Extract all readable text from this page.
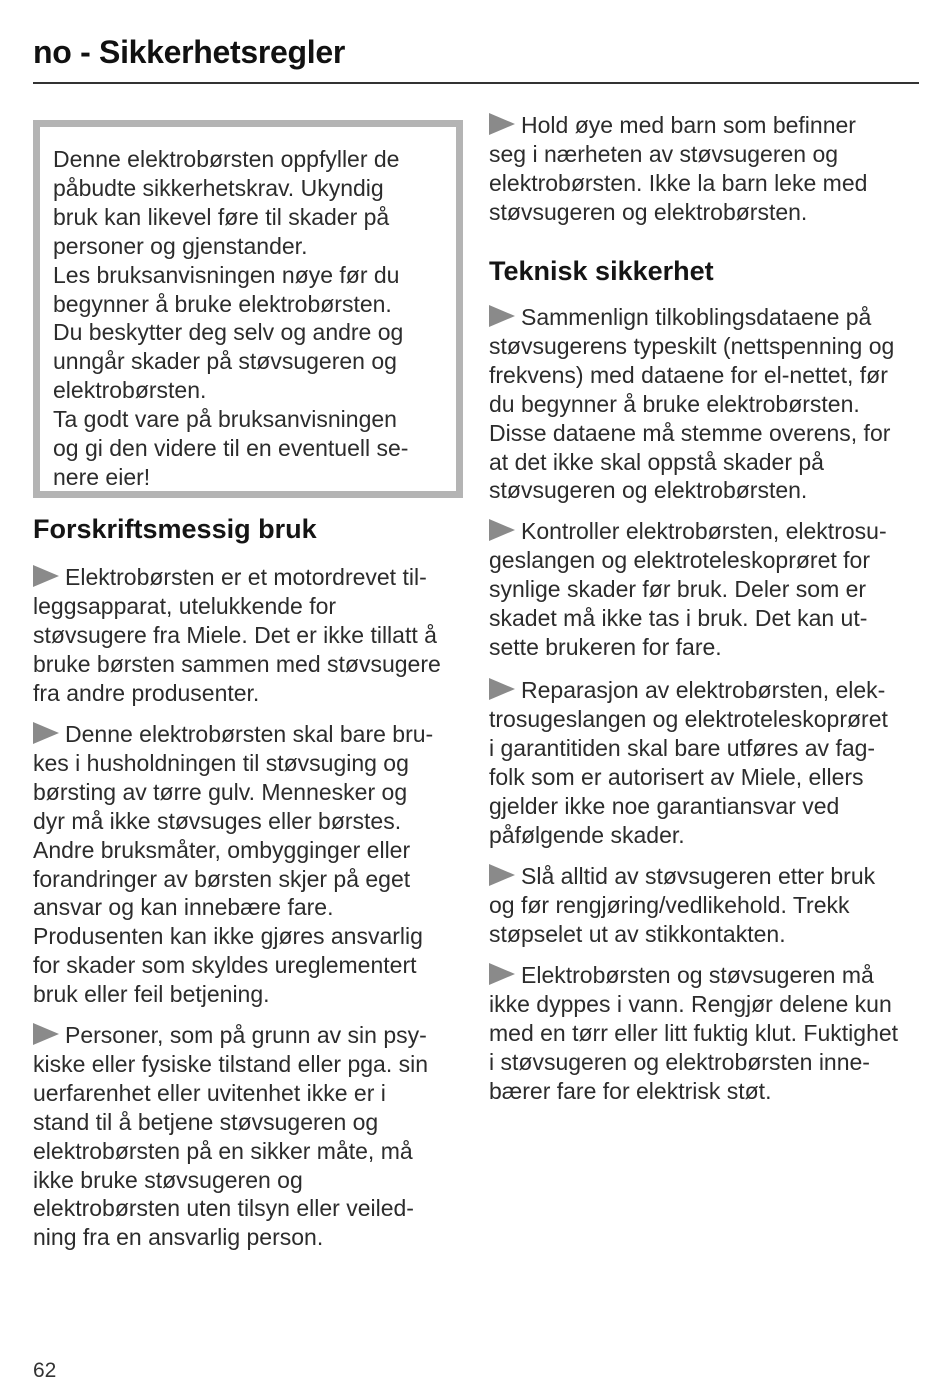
no - Sikkerhetsregler

Denne elektrobørsten oppfyller de

påbudte sikkerhetskrav. Ukyndig

bruk kan likevel føre til skader på

personer og gjenstander.

Les bruksanvisningen nøye før du

begynner å bruke elektrobørsten.

Du beskytter deg selv og andre og

unngår skader på støvsugeren og

elektrobørsten.

Ta godt vare på bruksanvisningen

og gi den videre til en eventuell se-

nere eier!

Forskriftsmessig bruk

Elektrobørsten er et motordrevet til-

leggsapparat, utelukkende for

støvsugere fra Miele. Det er ikke tillatt å

bruke børsten sammen med støvsugere

fra andre produsenter.

Denne elektrobørsten skal bare bru-

kes i husholdningen til støvsuging og

børsting av tørre gulv. Mennesker og

dyr må ikke støvsuges eller børstes.

Andre bruksmåter, ombygginger eller

forandringer av børsten skjer på eget

ansvar og kan innebære fare.

Produsenten kan ikke gjøres ansvarlig

for skader som skyldes ureglementert

bruk eller feil betjening.

Personer, som på grunn av sin psy-

kiske eller fysiske tilstand eller pga. sin

uerfarenhet eller uvitenhet ikke er i

stand til å betjene støvsugeren og

elektrobørsten på en sikker måte, må

ikke bruke støvsugeren og

elektrobørsten uten tilsyn eller veiled-

ning fra en ansvarlig person.

Hold øye med barn som befinner

seg i nærheten av støvsugeren og

elektrobørsten. Ikke la barn leke med

støvsugeren og elektrobørsten.

Teknisk sikkerhet

Sammenlign tilkoblingsdataene på

støvsugerens typeskilt (nettspenning og

frekvens) med dataene for el-nettet, før

du begynner å bruke elektrobørsten.

Disse dataene må stemme overens, for

at det ikke skal oppstå skader på

støvsugeren og elektrobørsten.

Kontroller elektrobørsten, elektrosu-

geslangen og elektroteleskoprøret for

synlige skader før bruk. Deler som er

skadet må ikke tas i bruk. Det kan ut-

sette brukeren for fare.

Reparasjon av elektrobørsten, elek-

trosugeslangen og elektroteleskoprøret

i garantitiden skal bare utføres av fag-

folk som er autorisert av Miele, ellers

gjelder ikke noe garantiansvar ved

påfølgende skader.

Slå alltid av støvsugeren etter bruk

og før rengjøring/vedlikehold. Trekk

støpselet ut av stikkontakten.

Elektrobørsten og støvsugeren må

ikke dyppes i vann. Rengjør delene kun

med en tørr eller litt fuktig klut. Fuktighet

i støvsugeren og elektrobørsten inne-

bærer fare for elektrisk støt.

62
